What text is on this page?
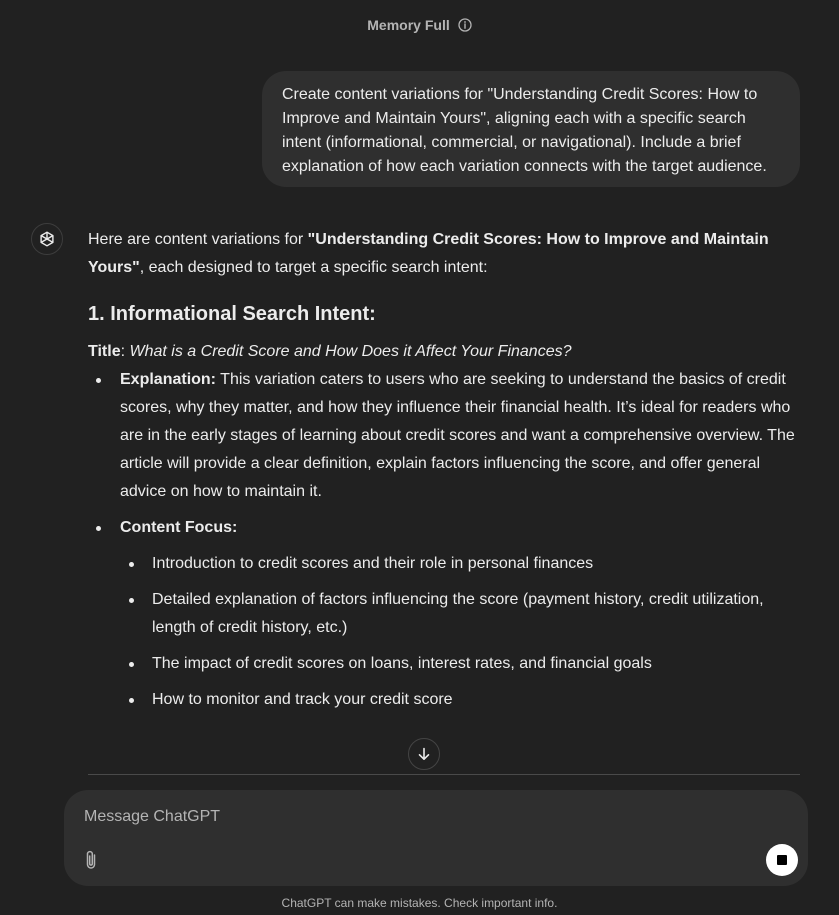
Memory Full
Create content variations for "Understanding Credit Scores: How to Improve and Maintain Yours", aligning each with a specific search intent (informational, commercial, or navigational). Include a brief explanation of how each variation connects with the target audience.

Here are content variations for "Understanding Credit Scores: How to Improve and Maintain Yours", each designed to target a specific search intent:

1. Informational Search Intent:

Title: What is a Credit Score and How Does it Affect Your Finances?

Explanation: This variation caters to users who are seeking to understand the basics of credit scores, why they matter, and how they influence their financial health. It’s ideal for readers who are in the early stages of learning about credit scores and want a comprehensive overview. The article will provide a clear definition, explain factors influencing the score, and offer general advice on how to maintain it.
Content Focus:
Introduction to credit scores and their role in personal finances
Detailed explanation of factors influencing the score (payment history, credit utilization, length of credit history, etc.)
The impact of credit scores on loans, interest rates, and financial goals
How to monitor and track your credit score
Message ChatGPT
ChatGPT can make mistakes. Check important info.
